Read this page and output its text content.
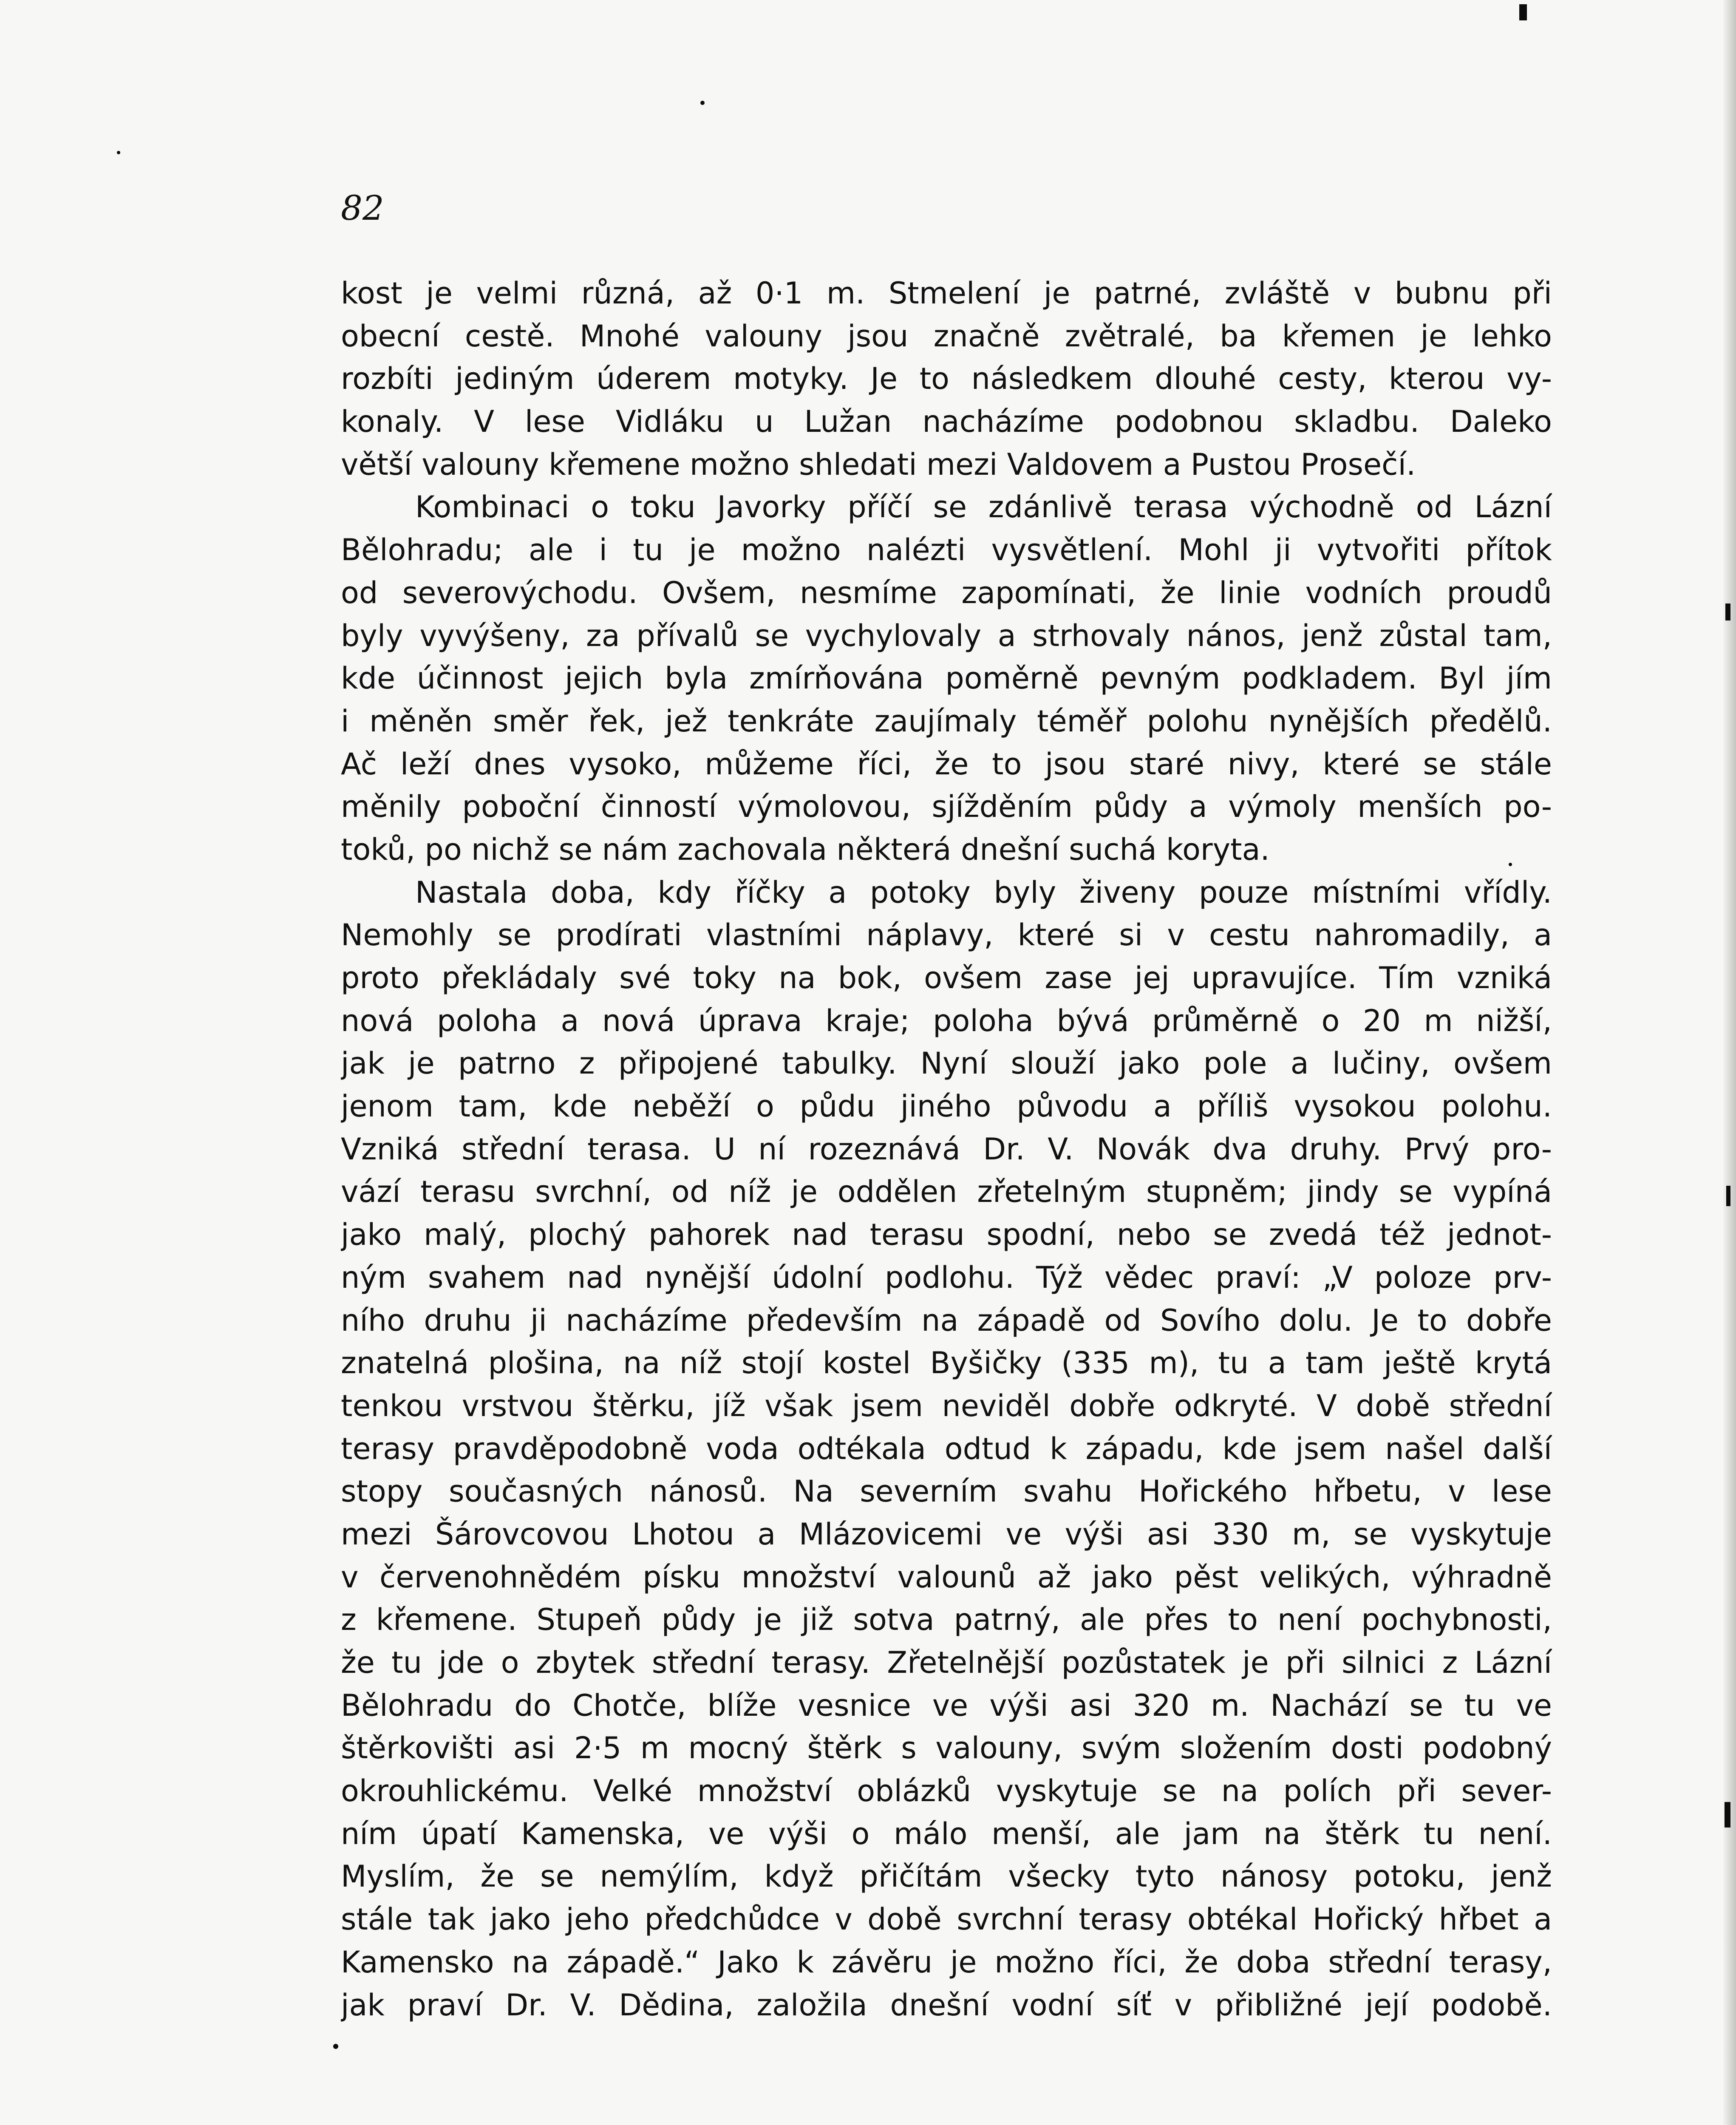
82

kost je velmi různá, až 0·1 m. Stmelení je patrné, zvláště v bubnu při
obecní cestě. Mnohé valouny jsou značně zvětralé, ba křemen je lehko
rozbíti jediným úderem motyky. Je to následkem dlouhé cesty, kterou vy-
konaly. V lese Vidláku u Lužan nacházíme podobnou skladbu. Daleko
větší valouny křemene možno shledati mezi Valdovem a Pustou Prosečí.
Kombinaci o toku Javorky příčí se zdánlivě terasa východně od Lázní
Bělohradu; ale i tu je možno nalézti vysvětlení. Mohl ji vytvořiti přítok
od severovýchodu. Ovšem, nesmíme zapomínati, že linie vodních proudů
byly vyvýšeny, za přívalů se vychylovaly a strhovaly nános, jenž zůstal tam,
kde účinnost jejich byla zmírňována poměrně pevným podkladem. Byl jím
i měněn směr řek, jež tenkráte zaujímaly téměř polohu nynějších předělů.
Ač leží dnes vysoko, můžeme říci, že to jsou staré nivy, které se stále
měnily poboční činností výmolovou, sjížděním půdy a výmoly menších po-
toků, po nichž se nám zachovala některá dnešní suchá koryta.
Nastala doba, kdy říčky a potoky byly živeny pouze místními vřídly.
Nemohly se prodírati vlastními náplavy, které si v cestu nahromadily, a
proto překládaly své toky na bok, ovšem zase jej upravujíce. Tím vzniká
nová poloha a nová úprava kraje; poloha bývá průměrně o 20 m nižší,
jak je patrno z připojené tabulky. Nyní slouží jako pole a lučiny, ovšem
jenom tam, kde neběží o půdu jiného původu a příliš vysokou polohu.
Vzniká střední terasa. U ní rozeznává Dr. V. Novák dva druhy. Prvý pro-
vází terasu svrchní, od níž je oddělen zřetelným stupněm; jindy se vypíná
jako malý, plochý pahorek nad terasu spodní, nebo se zvedá též jednot-
ným svahem nad nynější údolní podlohu. Týž vědec praví: „V poloze prv-
ního druhu ji nacházíme především na západě od Sovího dolu. Je to dobře
znatelná plošina, na níž stojí kostel Byšičky (335 m), tu a tam ještě krytá
tenkou vrstvou štěrku, jíž však jsem neviděl dobře odkryté. V době střední
terasy pravděpodobně voda odtékala odtud k západu, kde jsem našel další
stopy současných nánosů. Na severním svahu Hořického hřbetu, v lese
mezi Šárovcovou Lhotou a Mlázovicemi ve výši asi 330 m, se vyskytuje
v červenohnědém písku množství valounů až jako pěst velikých, výhradně
z křemene. Stupeň půdy je již sotva patrný, ale přes to není pochybnosti,
že tu jde o zbytek střední terasy. Zřetelnější pozůstatek je při silnici z Lázní
Bělohradu do Chotče, blíže vesnice ve výši asi 320 m. Nachází se tu ve
štěrkovišti asi 2·5 m mocný štěrk s valouny, svým složením dosti podobný
okrouhlickému. Velké množství oblázků vyskytuje se na polích při sever-
ním úpatí Kamenska, ve výši o málo menší, ale jam na štěrk tu není.
Myslím, že se nemýlím, když přičítám všecky tyto nánosy potoku, jenž
stále tak jako jeho předchůdce v době svrchní terasy obtékal Hořický hřbet a
Kamensko na západě.“ Jako k závěru je možno říci, že doba střední terasy,
jak praví Dr. V. Dědina, založila dnešní vodní síť v přibližné její podobě.
